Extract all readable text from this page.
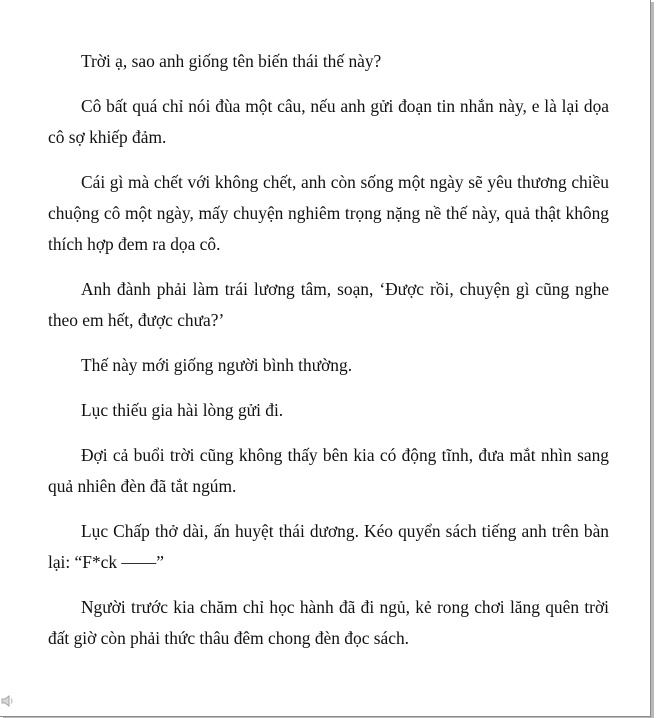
Trời ạ, sao anh giống tên biến thái thế này?

Cô bất quá chỉ nói đùa một câu, nếu anh gửi đoạn tin nhắn này, e là lại dọa cô sợ khiếp đảm.

Cái gì mà chết với không chết, anh còn sống một ngày sẽ yêu thương chiều chuộng cô một ngày, mấy chuyện nghiêm trọng nặng nề thế này, quả thật không thích hợp đem ra dọa cô.

Anh đành phải làm trái lương tâm, soạn, ‘Được rồi, chuyện gì cũng nghe theo em hết, được chưa?’

Thế này mới giống người bình thường.

Lục thiếu gia hài lòng gửi đi.

Đợi cả buổi trời cũng không thấy bên kia có động tĩnh, đưa mắt nhìn sang quả nhiên đèn đã tắt ngúm.

Lục Chấp thở dài, ấn huyệt thái dương. Kéo quyển sách tiếng anh trên bàn lại: “F*ck ——”

Người trước kia chăm chỉ học hành đã đi ngủ, kẻ rong chơi lăng quên trời đất giờ còn phải thức thâu đêm chong đèn đọc sách.
